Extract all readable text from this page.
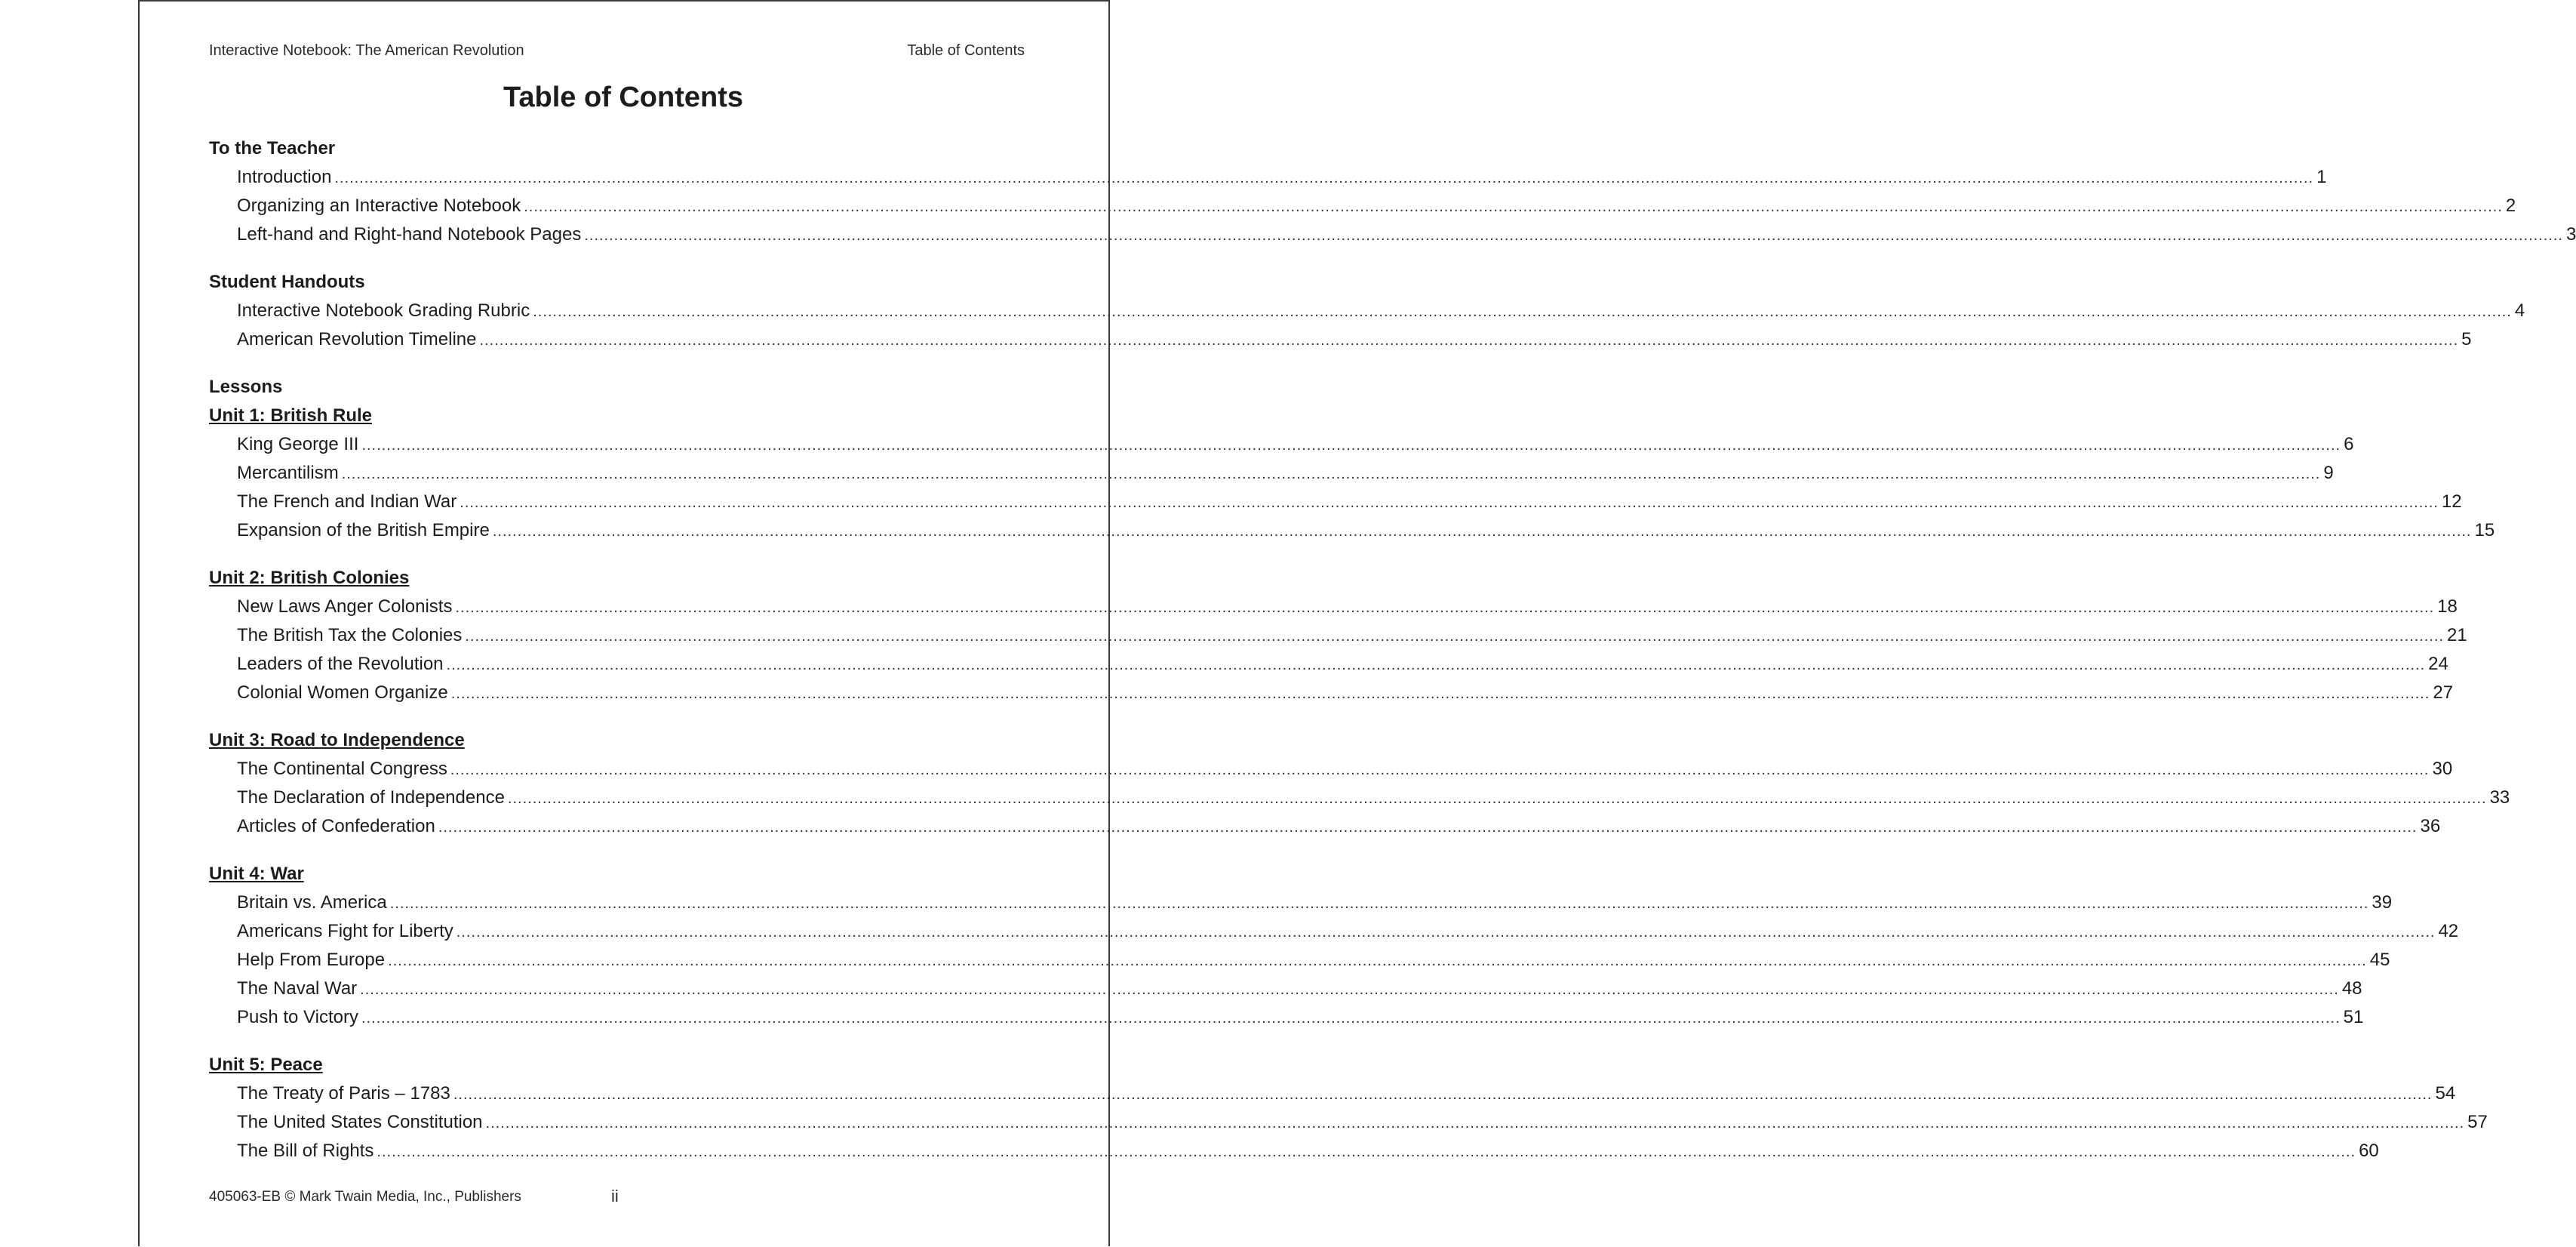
Interactive Notebook: The American Revolution	Table of Contents
Table of Contents
To the Teacher
Introduction ................................................................................................................................................................................................................................................................................................................................................................................................................ 1
Organizing an Interactive Notebook ................................................................................................................................................................................................................................................................................................................................................................................................................ 2
Left-hand and Right-hand Notebook Pages ................................................................................................................................................................................................................................................................................................................................................................................................................ 3
Student Handouts
Interactive Notebook Grading Rubric ................................................................................................................................................................................................................................................................................................................................................................................................................ 4
American Revolution Timeline ................................................................................................................................................................................................................................................................................................................................................................................................................ 5
Lessons
Unit 1: British Rule
King George III ................................................................................................................................................................................................................................................................................................................................................................................................................ 6
Mercantilism ................................................................................................................................................................................................................................................................................................................................................................................................................ 9
The French and Indian War ................................................................................................................................................................................................................................................................................................................................................................................................................ 12
Expansion of the British Empire ................................................................................................................................................................................................................................................................................................................................................................................................................ 15
Unit 2: British Colonies
New Laws Anger Colonists ................................................................................................................................................................................................................................................................................................................................................................................................................ 18
The British Tax the Colonies ................................................................................................................................................................................................................................................................................................................................................................................................................ 21
Leaders of the Revolution ................................................................................................................................................................................................................................................................................................................................................................................................................ 24
Colonial Women Organize ................................................................................................................................................................................................................................................................................................................................................................................................................ 27
Unit 3: Road to Independence
The Continental Congress ................................................................................................................................................................................................................................................................................................................................................................................................................ 30
The Declaration of Independence ................................................................................................................................................................................................................................................................................................................................................................................................................ 33
Articles of Confederation ................................................................................................................................................................................................................................................................................................................................................................................................................ 36
Unit 4: War
Britain vs. America ................................................................................................................................................................................................................................................................................................................................................................................................................ 39
Americans Fight for Liberty ................................................................................................................................................................................................................................................................................................................................................................................................................ 42
Help From Europe ................................................................................................................................................................................................................................................................................................................................................................................................................ 45
The Naval War ................................................................................................................................................................................................................................................................................................................................................................................................................ 48
Push to Victory ................................................................................................................................................................................................................................................................................................................................................................................................................ 51
Unit 5: Peace
The Treaty of Paris – 1783 ................................................................................................................................................................................................................................................................................................................................................................................................................ 54
The United States Constitution ................................................................................................................................................................................................................................................................................................................................................................................................................ 57
The Bill of Rights ................................................................................................................................................................................................................................................................................................................................................................................................................ 60
405063-EB © Mark Twain Media, Inc., Publishers	ii
